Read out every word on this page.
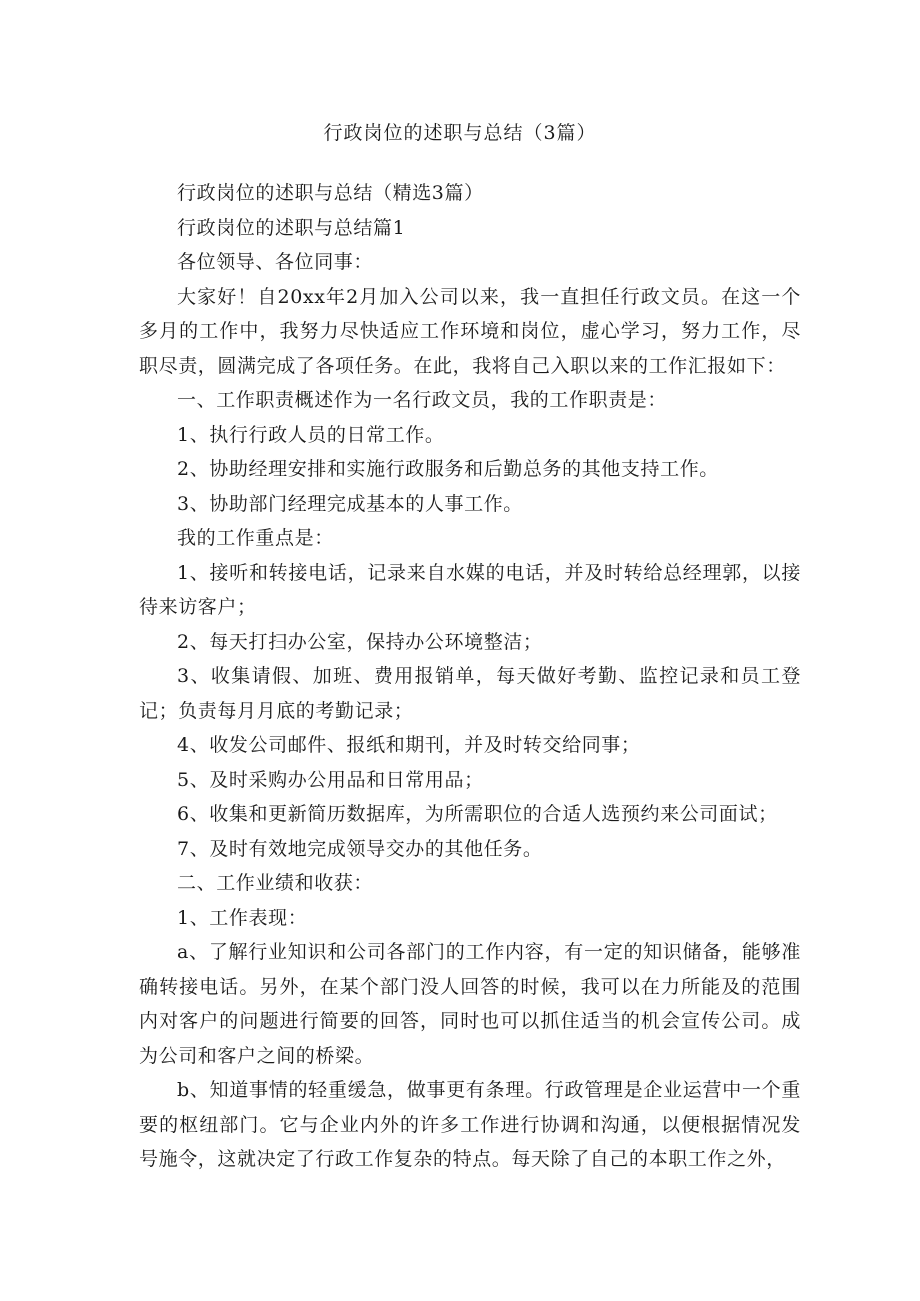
行政岗位的述职与总结（3篇）

行政岗位的述职与总结（精选3篇）

行政岗位的述职与总结篇1

各位领导、各位同事：

大家好！自20xx年2月加入公司以来，我一直担任行政文员。在这一个多月的工作中，我努力尽快适应工作环境和岗位，虚心学习，努力工作，尽职尽责，圆满完成了各项任务。在此，我将自己入职以来的工作汇报如下：

一、工作职责概述作为一名行政文员，我的工作职责是：

1、执行行政人员的日常工作。

2、协助经理安排和实施行政服务和后勤总务的其他支持工作。

3、协助部门经理完成基本的人事工作。

我的工作重点是：

1、接听和转接电话，记录来自水媒的电话，并及时转给总经理郭，以接待来访客户；

2、每天打扫办公室，保持办公环境整洁；

3、收集请假、加班、费用报销单，每天做好考勤、监控记录和员工登记；负责每月月底的考勤记录；

4、收发公司邮件、报纸和期刊，并及时转交给同事；

5、及时采购办公用品和日常用品；

6、收集和更新简历数据库，为所需职位的合适人选预约来公司面试；

7、及时有效地完成领导交办的其他任务。

二、工作业绩和收获：

1、工作表现：

a、了解行业知识和公司各部门的工作内容，有一定的知识储备，能够准确转接电话。另外，在某个部门没人回答的时候，我可以在力所能及的范围内对客户的问题进行简要的回答，同时也可以抓住适当的机会宣传公司。成为公司和客户之间的桥梁。

b、知道事情的轻重缓急，做事更有条理。行政管理是企业运营中一个重要的枢纽部门。它与企业内外的许多工作进行协调和沟通，以便根据情况发号施令，这就决定了行政工作复杂的特点。每天除了自己的本职工作之外，
